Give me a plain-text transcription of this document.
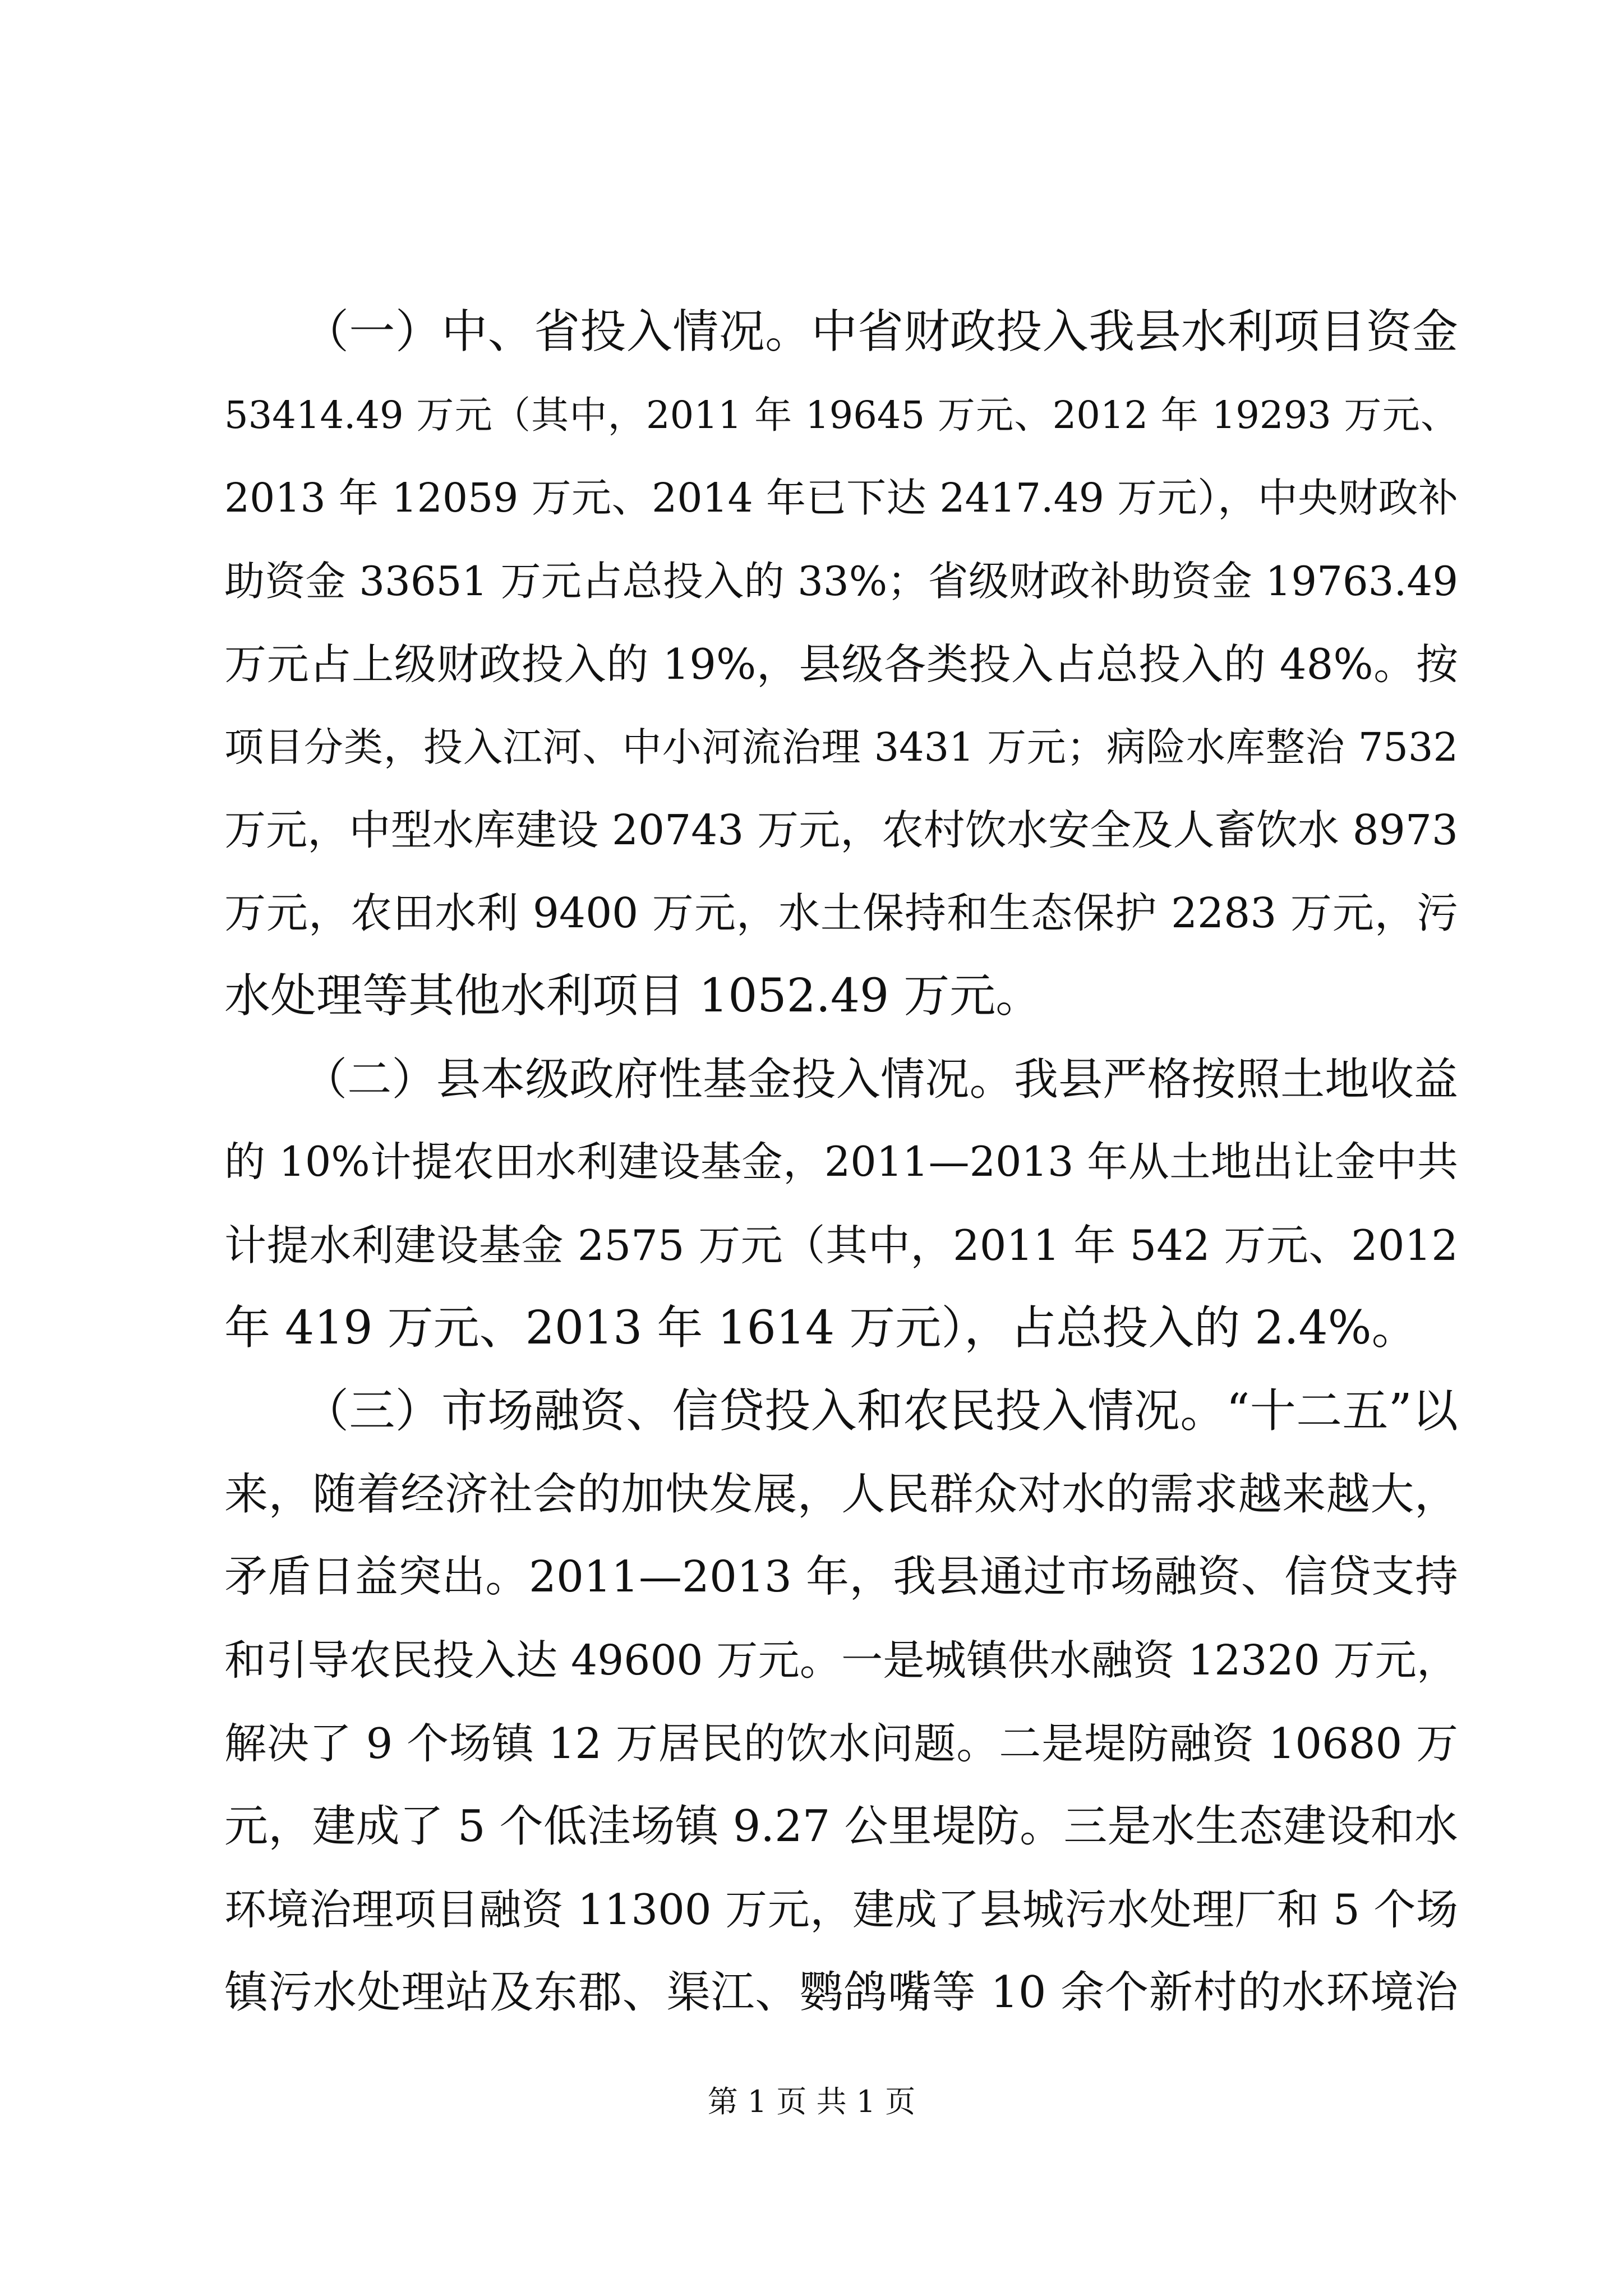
（一）中、省投入情况。中省财政投入我县水利项目资金
53414.49 万元（其中，2011 年 19645 万元、2012 年 19293 万元、
2013 年 12059 万元、2014 年已下达 2417.49 万元），中央财政补
助资金 33651 万元占总投入的 33%；省级财政补助资金 19763.49
万元占上级财政投入的 19%，县级各类投入占总投入的 48%。按
项目分类，投入江河、中小河流治理 3431 万元；病险水库整治 7532
万元，中型水库建设 20743 万元，农村饮水安全及人畜饮水 8973
万元，农田水利 9400 万元，水土保持和生态保护 2283 万元，污
水处理等其他水利项目 1052.49 万元。
（二）县本级政府性基金投入情况。我县严格按照土地收益
的 10%计提农田水利建设基金，2011—2013 年从土地出让金中共
计提水利建设基金 2575 万元（其中，2011 年 542 万元、2012
年 419 万元、2013 年 1614 万元），占总投入的 2.4%。
（三）市场融资、信贷投入和农民投入情况。“十二五”以
来，随着经济社会的加快发展，人民群众对水的需求越来越大，
矛盾日益突出。2011—2013 年，我县通过市场融资、信贷支持
和引导农民投入达 49600 万元。一是城镇供水融资 12320 万元，
解决了 9 个场镇 12 万居民的饮水问题。二是堤防融资 10680 万
元，建成了 5 个低洼场镇 9.27 公里堤防。三是水生态建设和水
环境治理项目融资 11300 万元，建成了县城污水处理厂和 5 个场
镇污水处理站及东郡、渠江、鹦鸽嘴等 10 余个新村的水环境治
第 1 页 共 1 页
